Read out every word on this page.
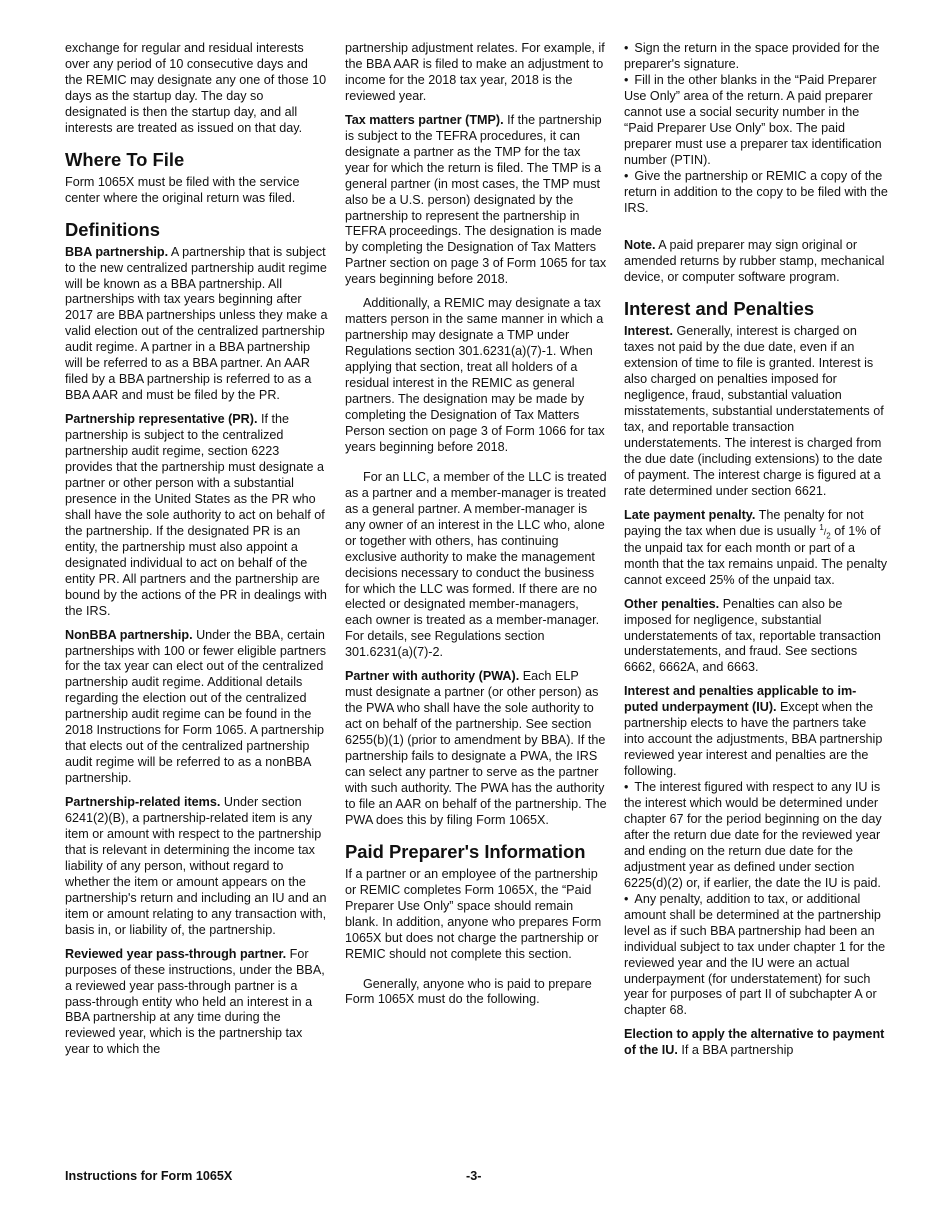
exchange for regular and residual interests over any period of 10 consecutive days and the REMIC may designate any one of those 10 days as the startup day. The day so designated is then the startup day, and all interests are treated as issued on that day.

Where To File

Form 1065X must be filed with the service center where the original return was filed.

Definitions

BBA partnership. A partnership that is subject to the new centralized partnership audit regime will be known as a BBA partnership. All partnerships with tax years beginning after 2017 are BBA partnerships unless they make a valid election out of the centralized partnership audit regime. A partner in a BBA partnership will be referred to as a BBA partner. An AAR filed by a BBA partnership is referred to as a BBA AAR and must be filed by the PR.

Partnership representative (PR). If the partnership is subject to the centralized partnership audit regime, section 6223 provides that the partnership must designate a partner or other person with a substantial presence in the United States as the PR who shall have the sole authority to act on behalf of the partnership. If the designated PR is an entity, the partnership must also appoint a designated individual to act on behalf of the entity PR. All partners and the partnership are bound by the actions of the PR in dealings with the IRS.

NonBBA partnership. Under the BBA, certain partnerships with 100 or fewer eligible partners for the tax year can elect out of the centralized partnership audit regime. Additional details regarding the election out of the centralized partnership audit regime can be found in the 2018 Instructions for Form 1065. A partnership that elects out of the centralized partnership audit regime will be referred to as a nonBBA partnership.

Partnership-related items. Under section 6241(2)(B), a partnership-related item is any item or amount with respect to the partnership that is relevant in determining the income tax liability of any person, without regard to whether the item or amount appears on the partnership's return and including an IU and an item or amount relating to any transaction with, basis in, or liability of, the partnership.

Reviewed year pass-through partner. For purposes of these instructions, under the BBA, a reviewed year pass-through partner is a pass-through entity who held an interest in a BBA partnership at any time during the reviewed year, which is the partnership tax year to which the

partnership adjustment relates. For example, if the BBA AAR is filed to make an adjustment to income for the 2018 tax year, 2018 is the reviewed year.

Tax matters partner (TMP). If the partnership is subject to the TEFRA procedures, it can designate a partner as the TMP for the tax year for which the return is filed. The TMP is a general partner (in most cases, the TMP must also be a U.S. person) designated by the partnership to represent the partnership in TEFRA proceedings. The designation is made by completing the Designation of Tax Matters Partner section on page 3 of Form 1065 for tax years beginning before 2018.

Additionally, a REMIC may designate a tax matters person in the same manner in which a partnership may designate a TMP under Regulations section 301.6231(a)(7)-1. When applying that section, treat all holders of a residual interest in the REMIC as general partners. The designation may be made by completing the Designation of Tax Matters Person section on page 3 of Form 1066 for tax years beginning before 2018.

For an LLC, a member of the LLC is treated as a partner and a member-manager is treated as a general partner. A member-manager is any owner of an interest in the LLC who, alone or together with others, has continuing exclusive authority to make the management decisions necessary to conduct the business for which the LLC was formed. If there are no elected or designated member-managers, each owner is treated as a member-manager. For details, see Regulations section 301.6231(a)(7)-2.

Partner with authority (PWA). Each ELP must designate a partner (or other person) as the PWA who shall have the sole authority to act on behalf of the partnership. See section 6255(b)(1) (prior to amendment by BBA). If the partnership fails to designate a PWA, the IRS can select any partner to serve as the partner with such authority. The PWA has the authority to file an AAR on behalf of the partnership. The PWA does this by filing Form 1065X.

Paid Preparer's Information

If a partner or an employee of the partnership or REMIC completes Form 1065X, the “Paid Preparer Use Only” space should remain blank. In addition, anyone who prepares Form 1065X but does not charge the partnership or REMIC should not complete this section.

Generally, anyone who is paid to prepare Form 1065X must do the following.

• Sign the return in the space provided for the preparer's signature.

• Fill in the other blanks in the “Paid Preparer Use Only” area of the return. A paid preparer cannot use a social security number in the “Paid Preparer Use Only” box. The paid preparer must use a preparer tax identification number (PTIN).

• Give the partnership or REMIC a copy of the return in addition to the copy to be filed with the IRS.

Note. A paid preparer may sign original or amended returns by rubber stamp, mechanical device, or computer software program.

Interest and Penalties

Interest. Generally, interest is charged on taxes not paid by the due date, even if an extension of time to file is granted. Interest is also charged on penalties imposed for negligence, fraud, substantial valuation misstatements, substantial understatements of tax, and reportable transaction understatements. The interest is charged from the due date (including extensions) to the date of payment. The interest charge is figured at a rate determined under section 6621.

Late payment penalty. The penalty for not paying the tax when due is usually $^1/_2$ of 1% of the unpaid tax for each month or part of a month that the tax remains unpaid. The penalty cannot exceed 25% of the unpaid tax.

Other penalties. Penalties can also be imposed for negligence, substantial understatements of tax, reportable transaction understatements, and fraud. See sections 6662, 6662A, and 6663.

Interest and penalties applicable to im-puted underpayment (IU). Except when the partnership elects to have the partners take into account the adjustments, BBA partnership reviewed year interest and penalties are the following.

• The interest figured with respect to any IU is the interest which would be determined under chapter 67 for the period beginning on the day after the return due date for the reviewed year and ending on the return due date for the adjustment year as defined under section 6225(d)(2) or, if earlier, the date the IU is paid.

• Any penalty, addition to tax, or additional amount shall be determined at the partnership level as if such BBA partnership had been an individual subject to tax under chapter 1 for the reviewed year and the IU were an actual underpayment (for understatement) for such year for purposes of part II of subchapter A or chapter 68.

Election to apply the alternative to payment of the IU. If a BBA partnership

Instructions for Form 1065X	-3-
